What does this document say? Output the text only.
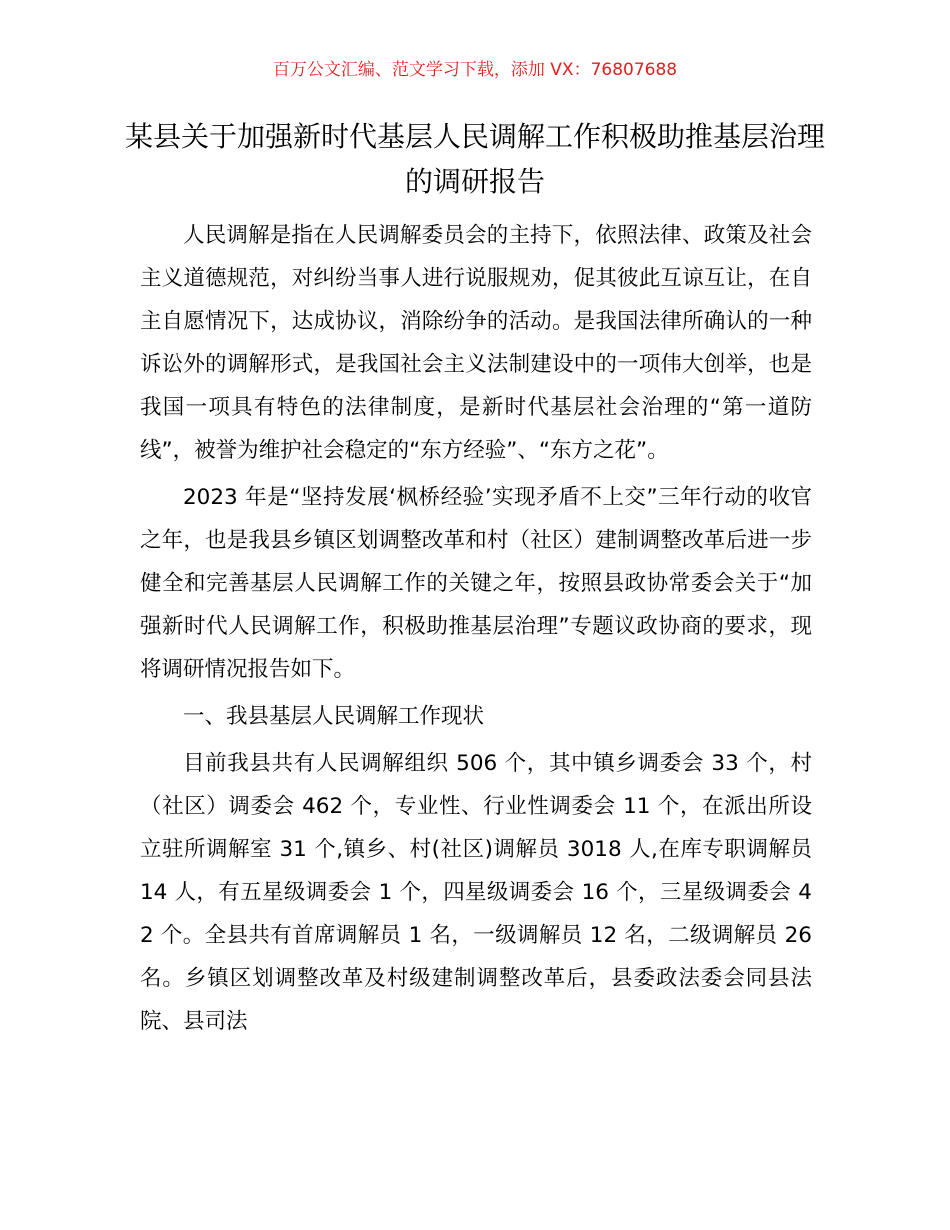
百万公文汇编、范文学习下载，添加 VX：76807688
某县关于加强新时代基层人民调解工作积极助推基层治理的调研报告

人民调解是指在人民调解委员会的主持下，依照法律、政策及社会主义道德规范，对纠纷当事人进行说服规劝，促其彼此互谅互让，在自主自愿情况下，达成协议，消除纷争的活动。是我国法律所确认的一种诉讼外的调解形式，是我国社会主义法制建设中的一项伟大创举，也是我国一项具有特色的法律制度，是新时代基层社会治理的“第一道防线”，被誉为维护社会稳定的“东方经验”、“东方之花”。

2023 年是“坚持发展‘枫桥经验’实现矛盾不上交”三年行动的收官之年，也是我县乡镇区划调整改革和村（社区）建制调整改革后进一步健全和完善基层人民调解工作的关键之年，按照县政协常委会关于“加强新时代人民调解工作，积极助推基层治理”专题议政协商的要求，现将调研情况报告如下。

一、我县基层人民调解工作现状

目前我县共有人民调解组织 506 个，其中镇乡调委会 33 个，村（社区）调委会 462 个，专业性、行业性调委会 11 个，在派出所设立驻所调解室 31 个,镇乡、村(社区)调解员 3018 人,在库专职调解员 14 人，有五星级调委会 1 个，四星级调委会 16 个，三星级调委会 42 个。全县共有首席调解员 1 名，一级调解员 12 名，二级调解员 26 名。乡镇区划调整改革及村级建制调整改革后，县委政法委会同县法院、县司法
